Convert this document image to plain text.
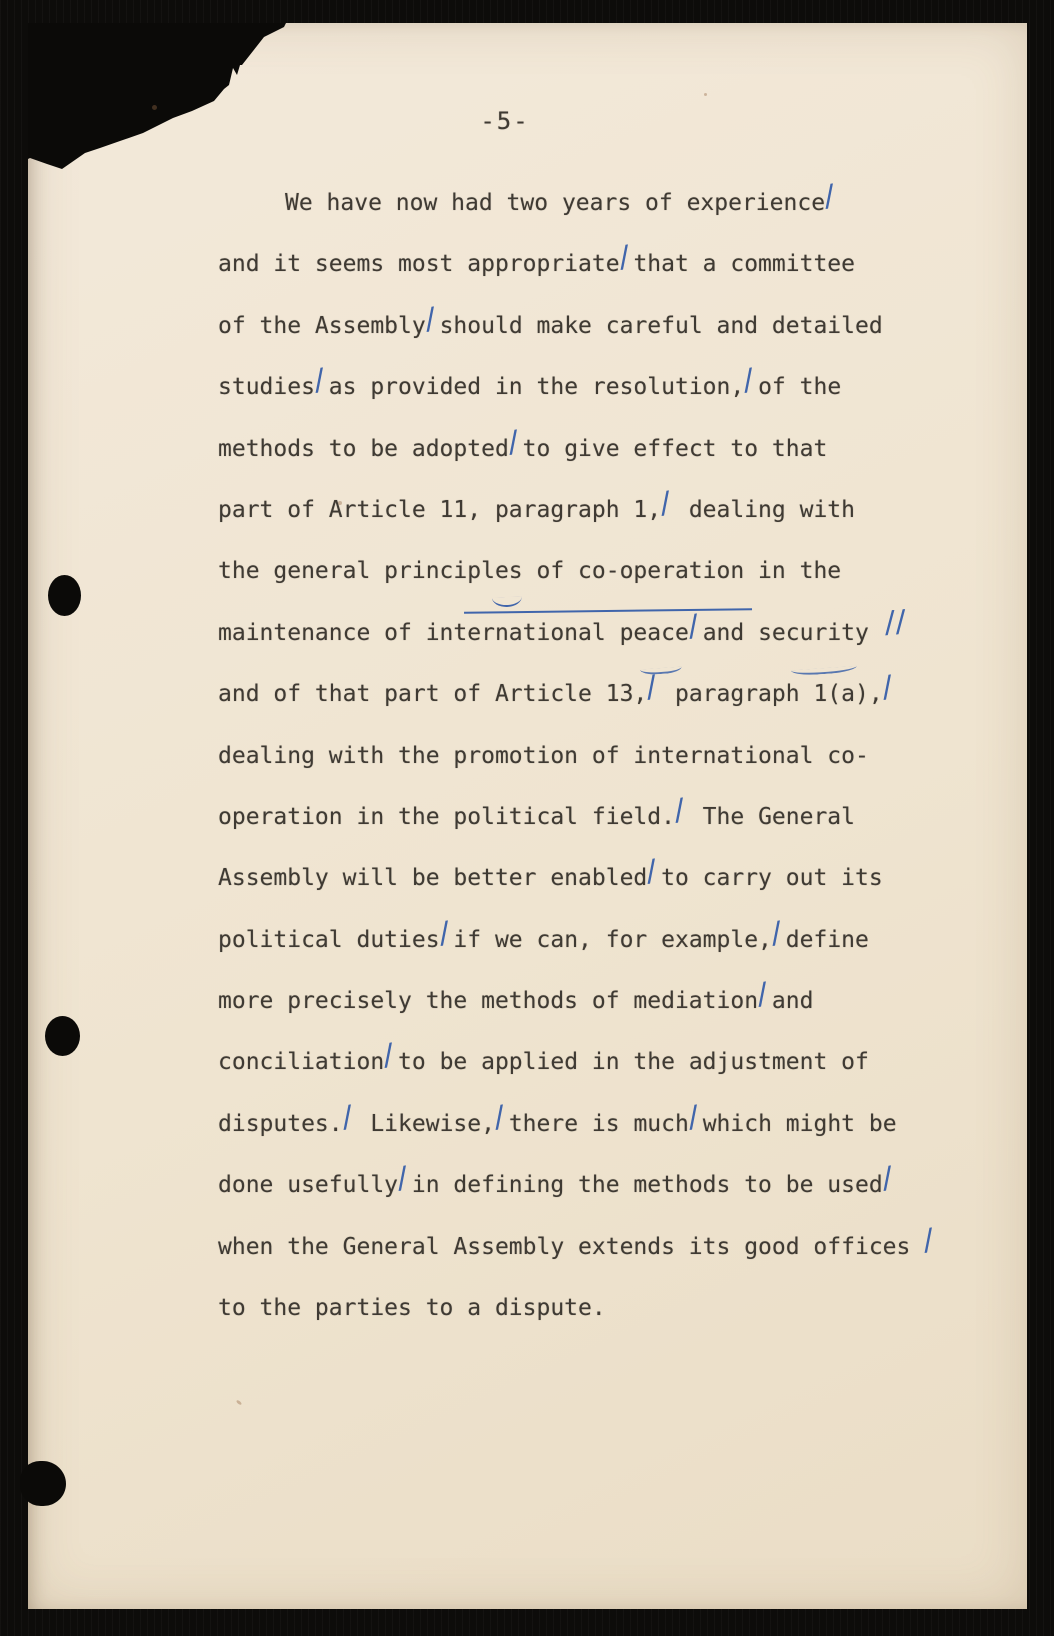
-5-
We have now had two years of experience/
and it seems most appropriate/that a committee
of the Assembly/should make careful and detailed
studies/as provided in the resolution,/of the
methods to be adopted/to give effect to that
part of Article 11, paragraph 1,/ dealing with
the general principles of co-operation in the
maintenance of international peace/and security //
and of that part of Article 13,/ paragraph 1(a),/
dealing with the promotion of international co-
operation in the political field./ The General
Assembly will be better enabled/to carry out its
political duties/if we can, for example,/define
more precisely the methods of mediation/and
conciliation/to be applied in the adjustment of
disputes./ Likewise,/there is much/which might be
done usefully/in defining the methods to be used/
when the General Assembly extends its good offices /
to the parties to a dispute.
